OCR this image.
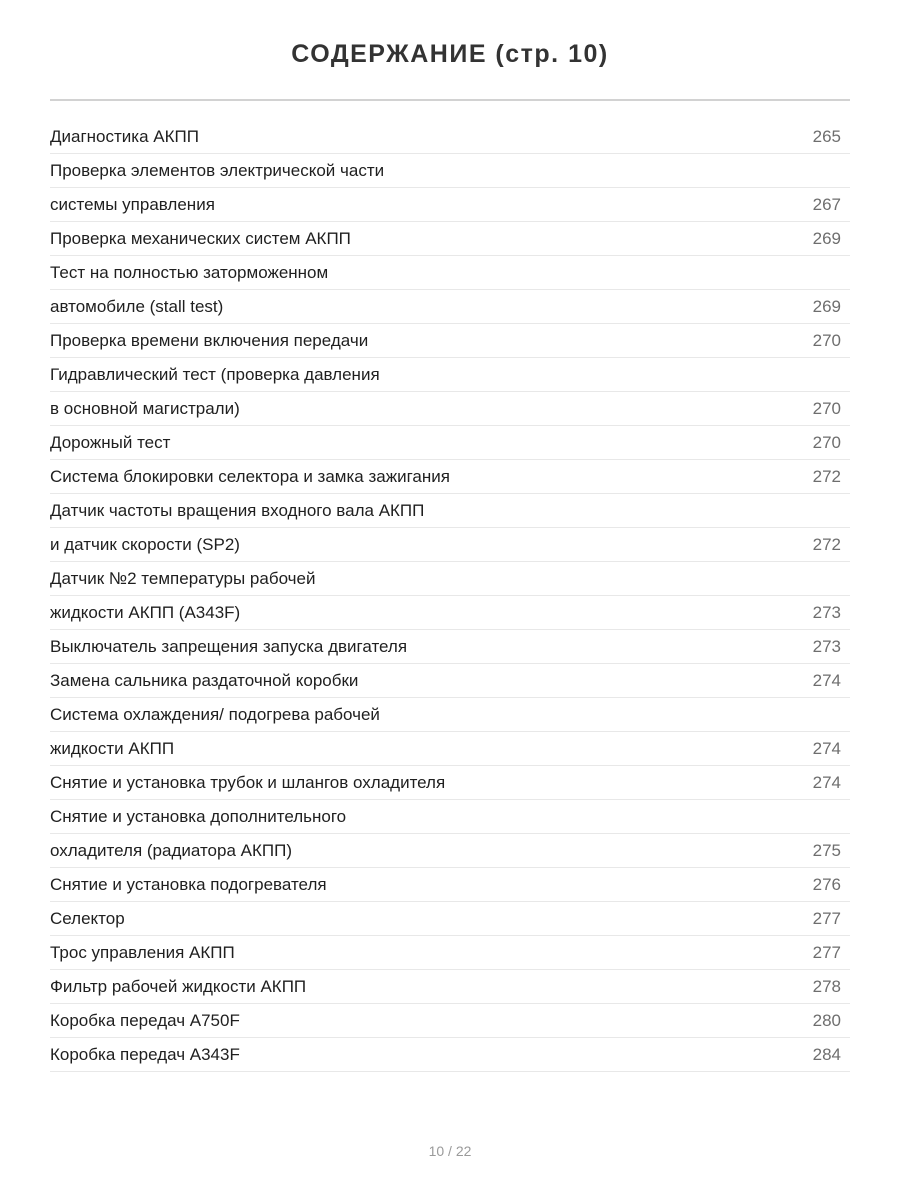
СОДЕРЖАНИЕ (стр. 10)
Диагностика АКПП	265
Проверка элементов электрической части
системы управления	267
Проверка механических систем АКПП	269
Тест на полностью заторможенном
автомобиле (stall test)	269
Проверка времени включения передачи	270
Гидравлический тест (проверка давления
в основной магистрали)	270
Дорожный тест	270
Система блокировки селектора и замка зажигания	272
Датчик частоты вращения входного вала АКПП
и датчик скорости (SP2)	272
Датчик №2 температуры рабочей
жидкости АКПП (A343F)	273
Выключатель запрещения запуска двигателя	273
Замена сальника раздаточной коробки	274
Система охлаждения/ подогрева рабочей
жидкости АКПП	274
Снятие и установка трубок и шлангов охладителя	274
Снятие и установка дополнительного
охладителя (радиатора АКПП)	275
Снятие и установка подогревателя	276
Селектор	277
Трос управления АКПП	277
Фильтр рабочей жидкости АКПП	278
Коробка передач A750F	280
Коробка передач A343F	284
10 / 22
